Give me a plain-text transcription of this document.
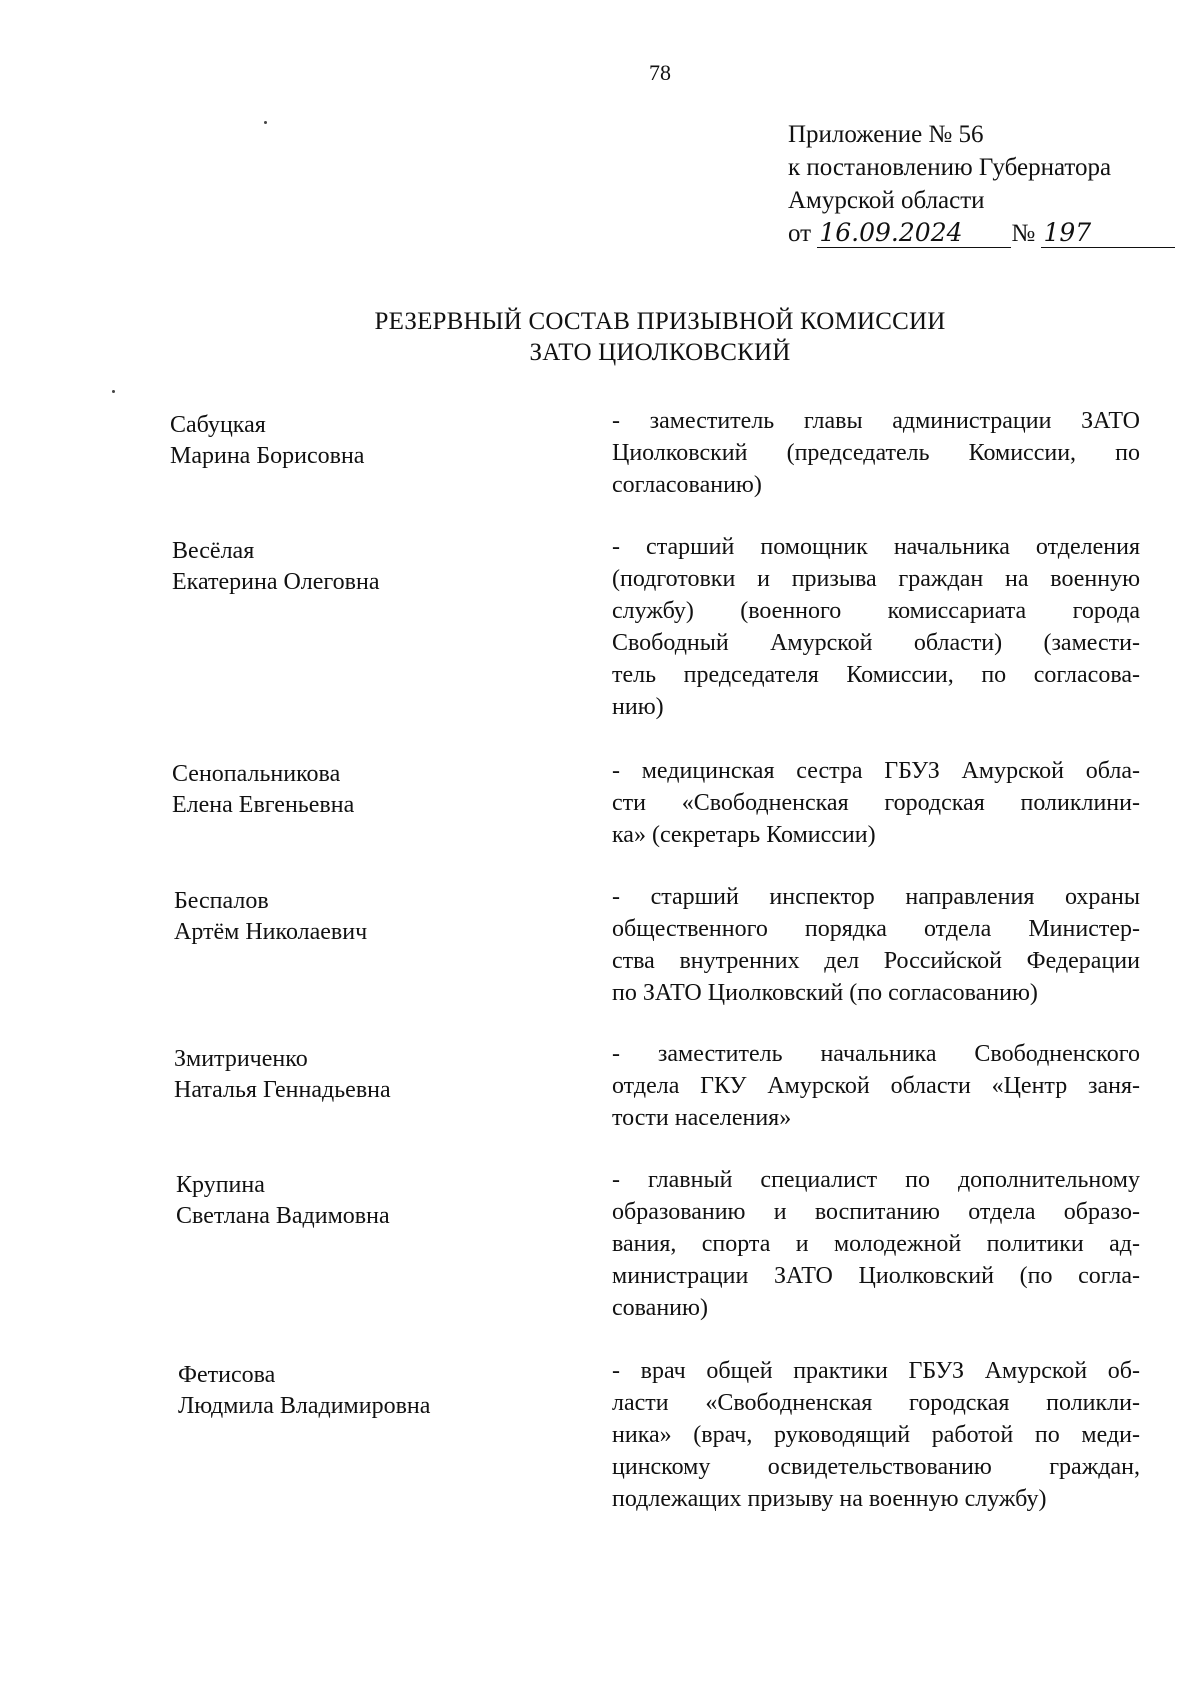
78
Приложение № 56
к постановлению Губернатора
Амурской области
от 16.09.2024 № 197
РЕЗЕРВНЫЙ СОСТАВ ПРИЗЫВНОЙ КОМИССИИ
ЗАТО ЦИОЛКОВСКИЙ
Сабуцкая
Марина Борисовна
- заместитель главы администрации ЗАТО
Циолковский (председатель Комиссии, по
согласованию)
Весёлая
Екатерина Олеговна
- старший помощник начальника отделения
(подготовки и призыва граждан на военную
службу) (военного комиссариата города
Свободный Амурской области) (замести-
тель председателя Комиссии, по согласова-
нию)
Сенопальникова
Елена Евгеньевна
- медицинская сестра ГБУЗ Амурской обла-
сти «Свободненская городская поликлини-
ка» (секретарь Комиссии)
Беспалов
Артём Николаевич
- старший инспектор направления охраны
общественного порядка отдела Министер-
ства внутренних дел Российской Федерации
по ЗАТО Циолковский (по согласованию)
Змитриченко
Наталья Геннадьевна
- заместитель начальника Свободненского
отдела ГКУ Амурской области «Центр заня-
тости населения»
Крупина
Светлана Вадимовна
- главный специалист по дополнительному
образованию и воспитанию отдела образо-
вания, спорта и молодежной политики ад-
министрации ЗАТО Циолковский (по согла-
сованию)
Фетисова
Людмила Владимировна
- врач общей практики ГБУЗ Амурской об-
ласти «Свободненская городская поликли-
ника» (врач, руководящий работой по меди-
цинскому освидетельствованию граждан,
подлежащих призыву на военную службу)
